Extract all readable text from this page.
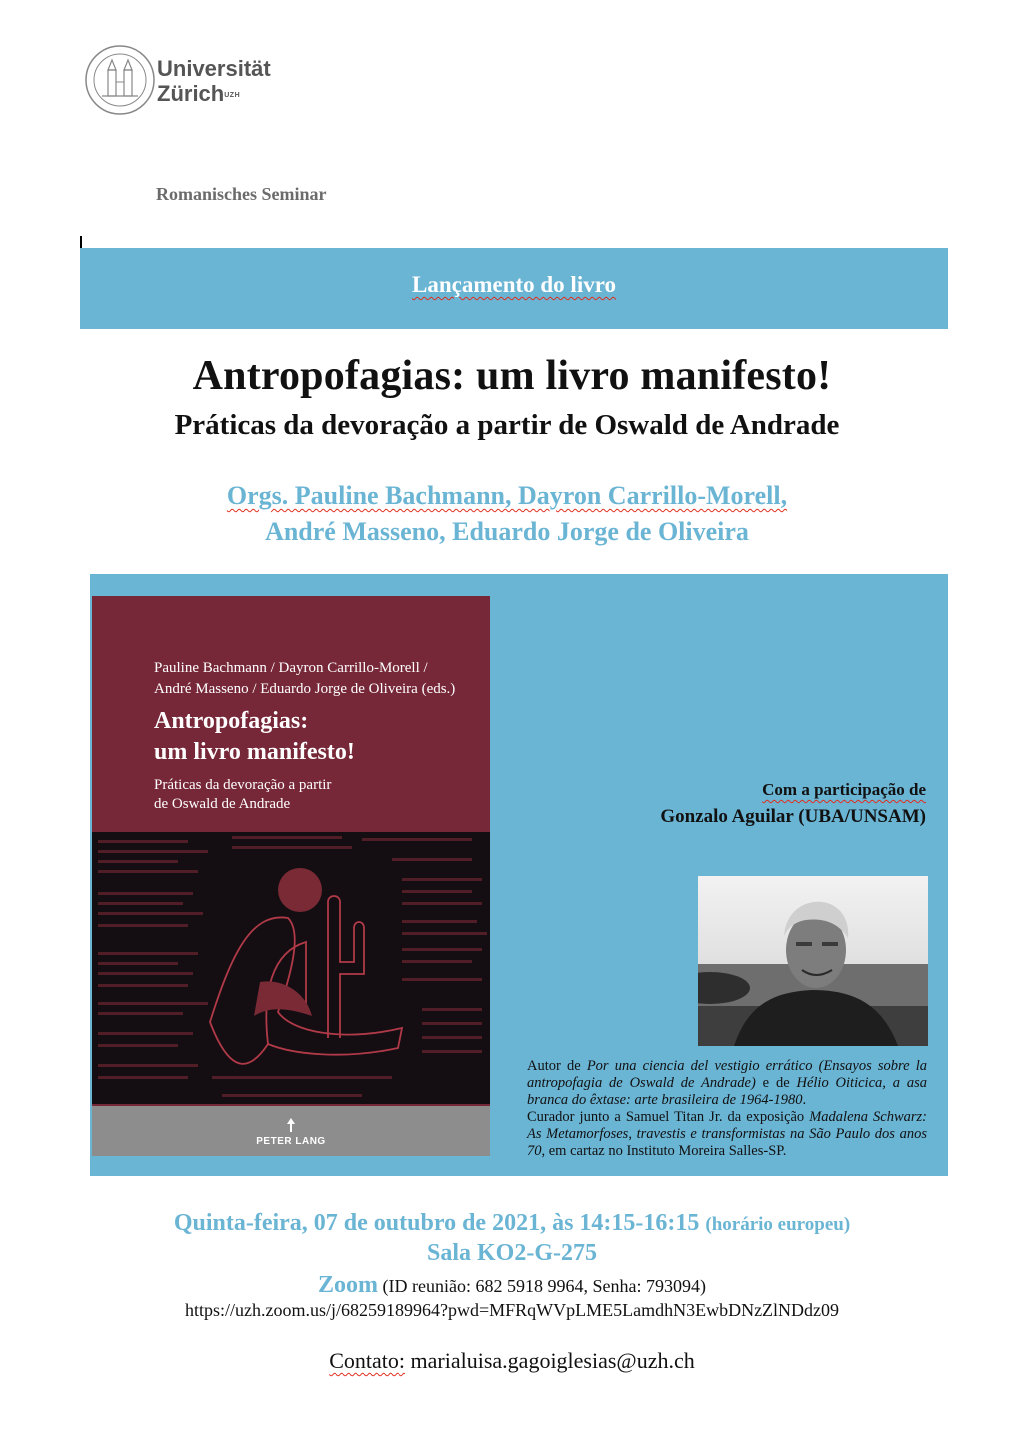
Universität
Zürich$^{UZH}$
Romanisches Seminar
Lançamento do livro
Antropofagias: um livro manifesto!
Práticas da devoração a partir de Oswald de Andrade
Orgs. Pauline Bachmann, Dayron Carrillo-Morell,
André Masseno, Eduardo Jorge de Oliveira
Pauline Bachmann / Dayron Carrillo-Morell /
André Masseno / Eduardo Jorge de Oliveira (eds.)
Antropofagias:
um livro manifesto!
Práticas da devoração a partir
de Oswald de Andrade
PETER LANG
Com a participação de
Gonzalo Aguilar (UBA/UNSAM)
Autor de Por una ciencia del vestigio errático (Ensayos sobre la antropofagia de Oswald de Andrade) e de Hélio Oiticica, a asa branca do êxtase: arte brasileira de 1964-1980.
Curador junto a Samuel Titan Jr. da exposição Madalena Schwarz: As Metamorfoses, travestis e transformistas na São Paulo dos anos 70, em cartaz no Instituto Moreira Salles-SP.
Quinta-feira, 07 de outubro de 2021, às 14:15-16:15 (horário europeu)
Sala KO2-G-275
Zoom (ID reunião: 682 5918 9964, Senha: 793094)
https://uzh.zoom.us/j/68259189964?pwd=MFRqWVpLME5LamdhN3EwbDNzZlNDdz09
Contato: marialuisa.gagoiglesias@uzh.ch
